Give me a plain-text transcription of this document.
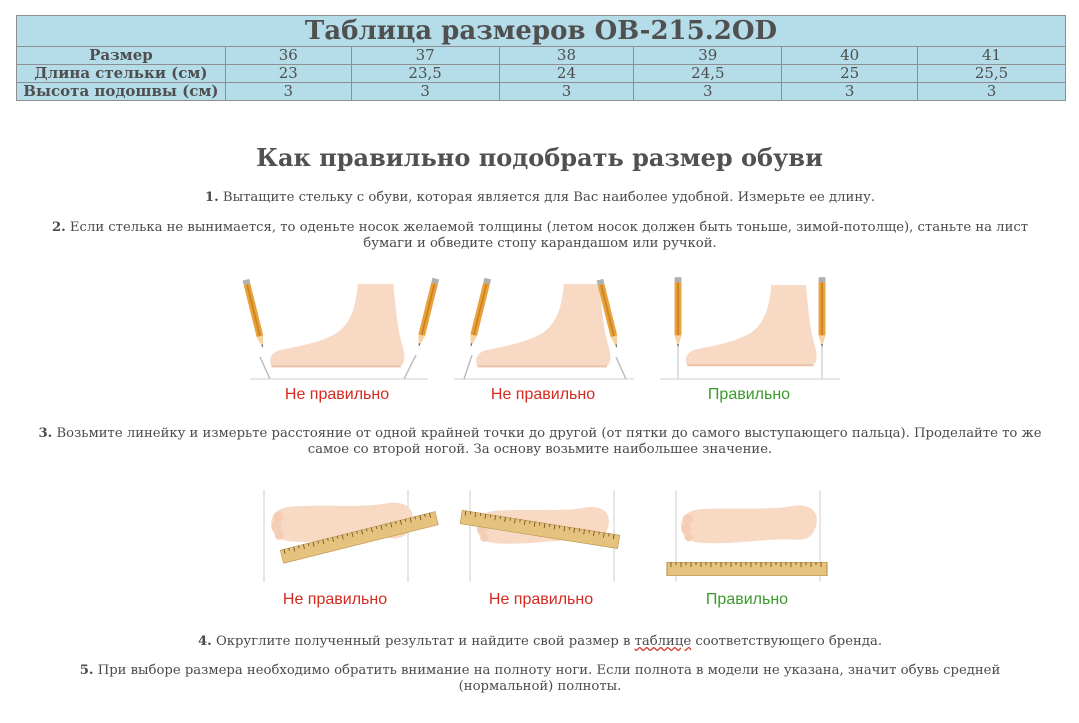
Таблица размеров OB-215.2OD						
Размер	36	37	38	39	40	41
Длина стельки (см)	23	23,5	24	24,5	25	25,5
Высота подошвы (см)	3	3	3	3	3	3
Как правильно подобрать размер обуви

1. Вытащите стельку с обуви, которая является для Вас наиболее удобной. Измерьте ее длину.

2. Если стелька не вынимается, то оденьте носок желаемой толщины (летом носок должен быть тоньше, зимой-потолще), станьте на лист бумаги и обведите стопу карандашом или ручкой.

Не правильно	Не правильно	Правильно

3. Возьмите линейку и измерьте расстояние от одной крайней точки до другой (от пятки до самого выступающего пальца). Проделайте то же самое со второй ногой. За основу возьмите наибольшее значение.

Не правильно	Не правильно	Правильно

4. Округлите полученный результат и найдите свой размер в таблице соответствующего бренда.

5. При выборе размера необходимо обратить внимание на полноту ноги. Если полнота в модели не указана, значит обувь средней (нормальной) полноты.
